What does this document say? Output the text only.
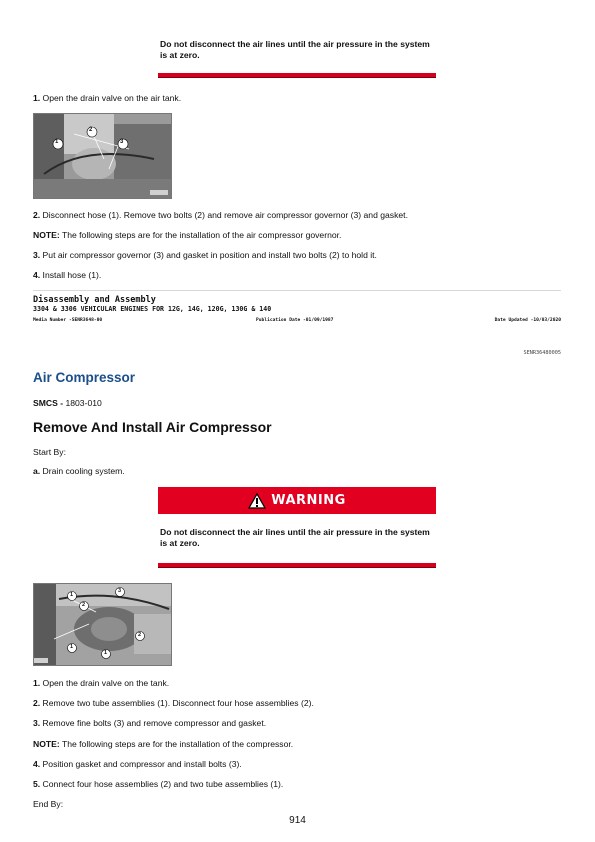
Do not disconnect the air lines until the air pressure in the system is at zero.
1. Open the drain valve on the air tank.
1
2
3
2. Disconnect hose (1). Remove two bolts (2) and remove air compressor governor (3) and gasket.
NOTE: The following steps are for the installation of the air compressor governor.
3. Put air compressor governor (3) and gasket in position and install two bolts (2) to hold it.
4. Install hose (1).
Disassembly and Assembly
3304 & 3306 VEHICULAR ENGINES FOR 12G, 14G, 120G, 130G & 140
Media Number -SENR3648-00	Publication Date -01/09/1987	Date Updated -10/03/2020
SENR36480005
Air Compressor
SMCS - 1803-010
Remove And Install Air Compressor
Start By:
a. Drain cooling system.
WARNING
Do not disconnect the air lines until the air pressure in the system is at zero.
1
2
3
2
1
1
1. Open the drain valve on the tank.
2. Remove two tube assemblies (1). Disconnect four hose assemblies (2).
3. Remove fine bolts (3) and remove compressor and gasket.
NOTE: The following steps are for the installation of the compressor.
4. Position gasket and compressor and install bolts (3).
5. Connect four hose assemblies (2) and two tube assemblies (1).
End By:
914
